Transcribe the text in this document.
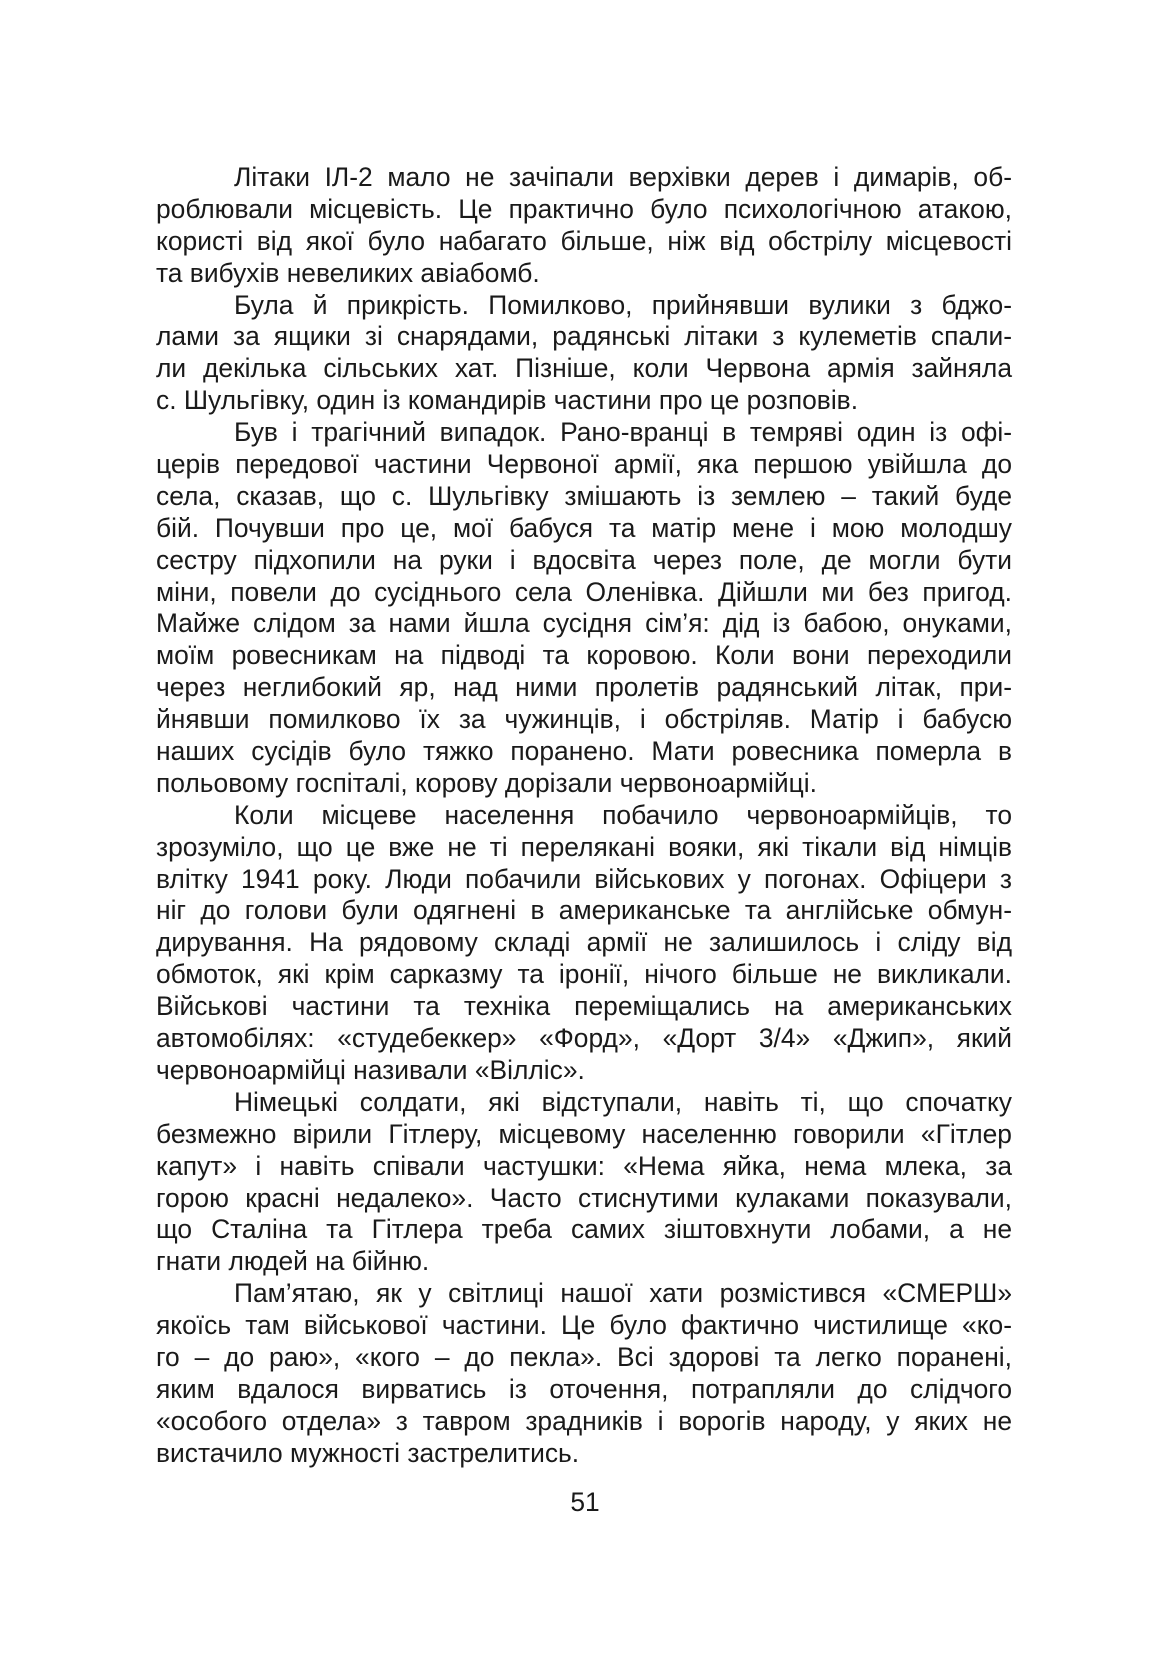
Літаки ІЛ-2 мало не зачіпали верхівки дерев і димарів, об-
роблювали місцевість. Це практично було психологічною атакою,
користі від якої було набагато більше, ніж від обстрілу місцевості
та вибухів невеликих авіабомб.
Була й прикрість. Помилково, прийнявши вулики з бджо-
лами за ящики зі снарядами, радянські літаки з кулеметів спали-
ли декілька сільських хат. Пізніше, коли Червона армія зайняла
с. Шульгівку, один із командирів частини про це розповів.
Був і трагічний випадок. Рано-вранці в темряві один із офі-
церів передової частини Червоної армії, яка першою увійшла до
села, сказав, що с. Шульгівку змішають із землею – такий буде
бій. Почувши про це, мої бабуся та матір мене і мою молодшу
сестру підхопили на руки і вдосвіта через поле, де могли бути
міни, повели до сусіднього села Оленівка. Дійшли ми без пригод.
Майже слідом за нами йшла сусідня сім’я: дід із бабою, онуками,
моїм ровесникам на підводі та коровою. Коли вони переходили
через неглибокий яр, над ними пролетів радянський літак, при-
йнявши помилково їх за чужинців, і обстріляв. Матір і бабусю
наших сусідів було тяжко поранено. Мати ровесника померла в
польовому госпіталі, корову дорізали червоноармійці.
Коли місцеве населення побачило червоноармійців, то
зрозуміло, що це вже не ті перелякані вояки, які тікали від німців
влітку 1941 року. Люди побачили військових у погонах. Офіцери з
ніг до голови були одягнені в американське та англійське обмун-
дирування. На рядовому складі армії не залишилось і сліду від
обмоток, які крім сарказму та іронії, нічого більше не викликали.
Військові частини та техніка переміщались на американських
автомобілях: «студебеккер» «Форд», «Дорт 3/4» «Джип», який
червоноармійці називали «Вілліс».
Німецькі солдати, які відступали, навіть ті, що спочатку
безмежно вірили Гітлеру, місцевому населенню говорили «Гітлер
капут» і навіть співали частушки: «Нема яйка, нема млека, за
горою красні недалеко». Часто стиснутими кулаками показували,
що Сталіна та Гітлера треба самих зіштовхнути лобами, а не
гнати людей на бійню.
Пам’ятаю, як у світлиці нашої хати розмістився «СМЕРШ»
якоїсь там військової частини. Це було фактично чистилище «ко-
го – до раю», «кого – до пекла». Всі здорові та легко поранені,
яким вдалося вирватись із оточення, потрапляли до слідчого
«особого отдела» з тавром зрадників і ворогів народу, у яких не
вистачило мужності застрелитись.
51
